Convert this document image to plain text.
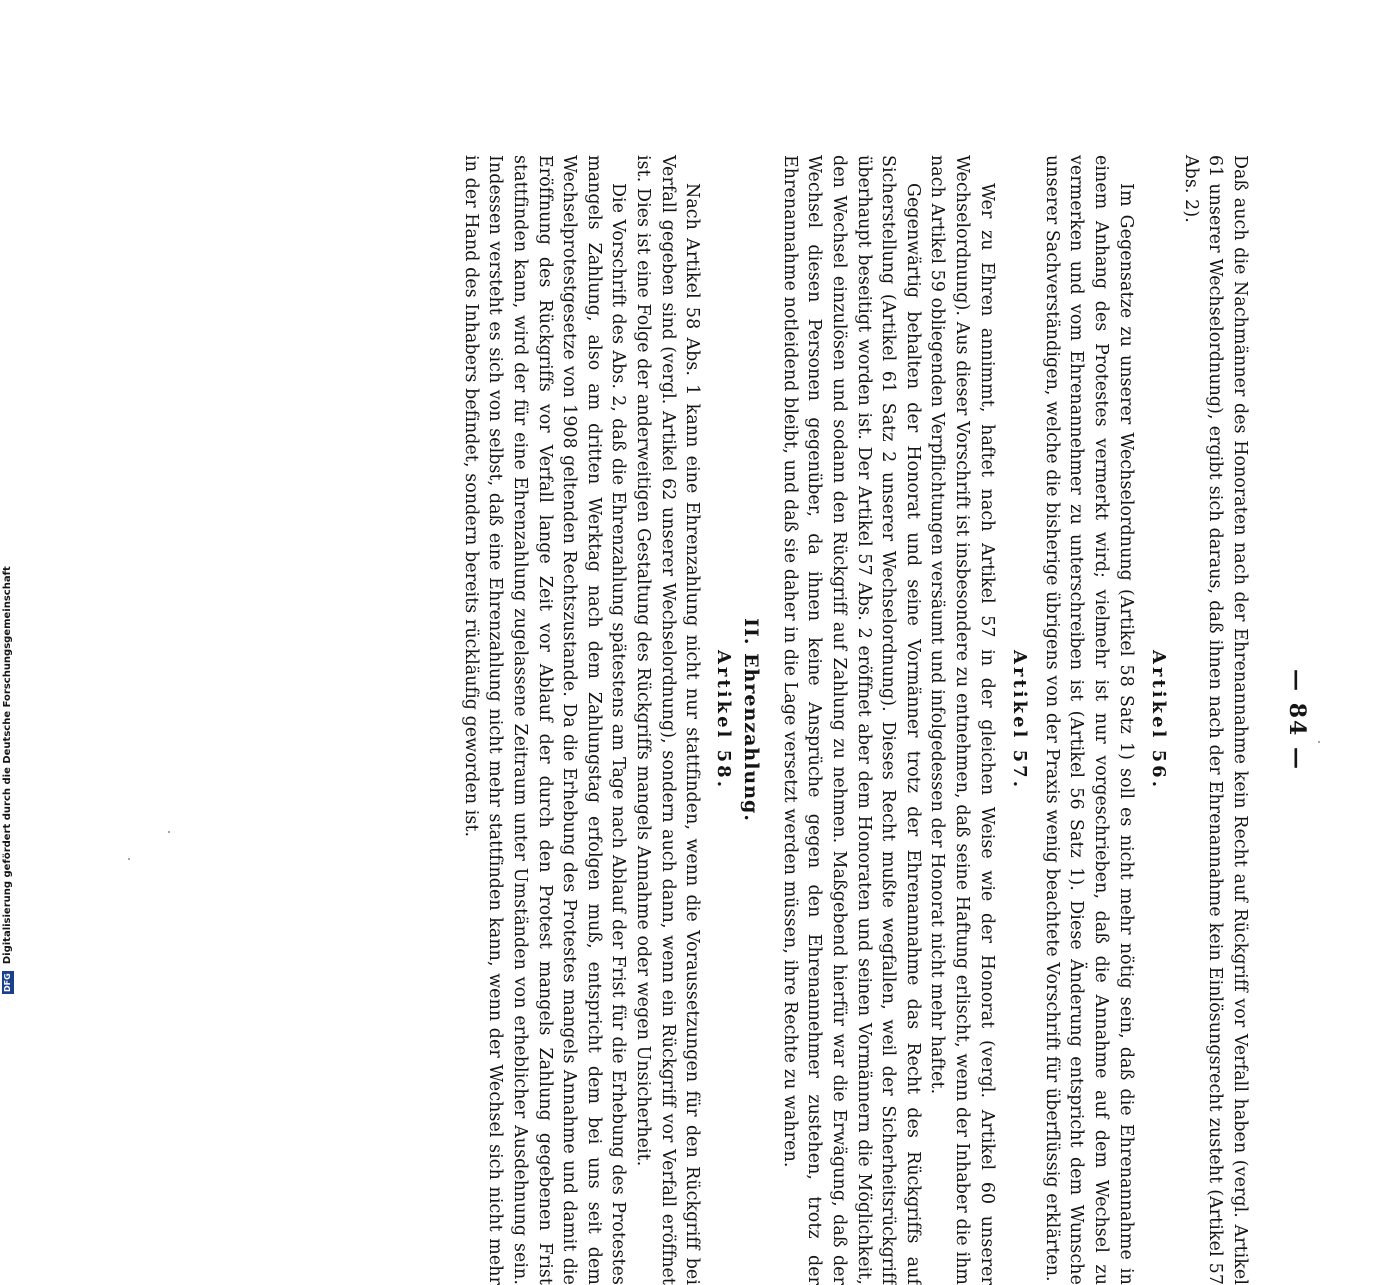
— 84 —

Daß auch die Nachmänner des Honoraten nach der Ehrenannahme kein Recht auf Rückgriff vor Verfall haben (vergl. Artikel 61 unserer Wechselordnung), ergibt sich daraus, daß ihnen nach der Ehrenannahme kein Einlösungsrecht zusteht (Artikel 57 Abs. 2).

Artikel 56.

Im Gegensatze zu unserer Wechselordnung (Artikel 58 Satz 1) soll es nicht mehr nötig sein, daß die Ehrenannahme in einem Anhang des Protestes vermerkt wird; vielmehr ist nur vorgeschrieben, daß die Annahme auf dem Wechsel zu vermerken und vom Ehrenannehmer zu unterschreiben ist (Artikel 56 Satz 1). Diese Änderung entspricht dem Wunsche unserer Sachverständigen, welche die bisherige übrigens von der Praxis wenig beachtete Vorschrift für überflüssig erklärten.

Artikel 57.

Wer zu Ehren annimmt, haftet nach Artikel 57 in der gleichen Weise wie der Honorat (vergl. Artikel 60 unserer Wechselordnung). Aus dieser Vorschrift ist insbesondere zu entnehmen, daß seine Haftung erlischt, wenn der Inhaber die ihm nach Artikel 59 obliegenden Verpflichtungen versäumt und infolgedessen der Honorat nicht mehr haftet.

Gegenwärtig behalten der Honorat und seine Vormänner trotz der Ehrenannahme das Recht des Rückgriffs auf Sicherstellung (Artikel 61 Satz 2 unserer Wechselordnung). Dieses Recht mußte wegfallen, weil der Sicherheitsrückgriff überhaupt beseitigt worden ist. Der Artikel 57 Abs. 2 eröffnet aber dem Honoraten und seinen Vormännern die Möglichkeit, den Wechsel einzulösen und sodann den Rückgriff auf Zahlung zu nehmen. Maßgebend hierfür war die Erwägung, daß der Wechsel diesen Personen gegenüber, da ihnen keine Ansprüche gegen den Ehrenannehmer zustehen, trotz der Ehrenannahme notleidend bleibt, und daß sie daher in die Lage versetzt werden müssen, ihre Rechte zu wahren.

II. Ehrenzahlung.
Artikel 58.

Nach Artikel 58 Abs. 1 kann eine Ehrenzahlung nicht nur stattfinden, wenn die Voraussetzungen für den Rückgriff bei Verfall gegeben sind (vergl. Artikel 62 unserer Wechselordnung), sondern auch dann, wenn ein Rückgriff vor Verfall eröffnet ist. Dies ist eine Folge der anderweitigen Gestaltung des Rückgriffs mangels Annahme oder wegen Unsicherheit.

Die Vorschrift des Abs. 2, daß die Ehrenzahlung spätestens am Tage nach Ablauf der Frist für die Erhebung des Protestes mangels Zahlung, also am dritten Werktag nach dem Zahlungstag erfolgen muß, entspricht dem bei uns seit dem Wechselprotestgesetze von 1908 geltenden Rechtszustande. Da die Erhebung des Protestes mangels Annahme und damit die Eröffnung des Rückgriffs vor Verfall lange Zeit vor Ablauf der durch den Protest mangels Zahlung gegebenen Frist stattfinden kann, wird der für eine Ehrenzahlung zugelassene Zeitraum unter Umständen von erheblicher Ausdehnung sein. Indessen versteht es sich von selbst, daß eine Ehrenzahlung nicht mehr stattfinden kann, wenn der Wechsel sich nicht mehr in der Hand des Inhabers befindet, sondern bereits rückläufig geworden ist.

DFG Digitalisierung gefördert durch die Deutsche Forschungsgemeinschaft
